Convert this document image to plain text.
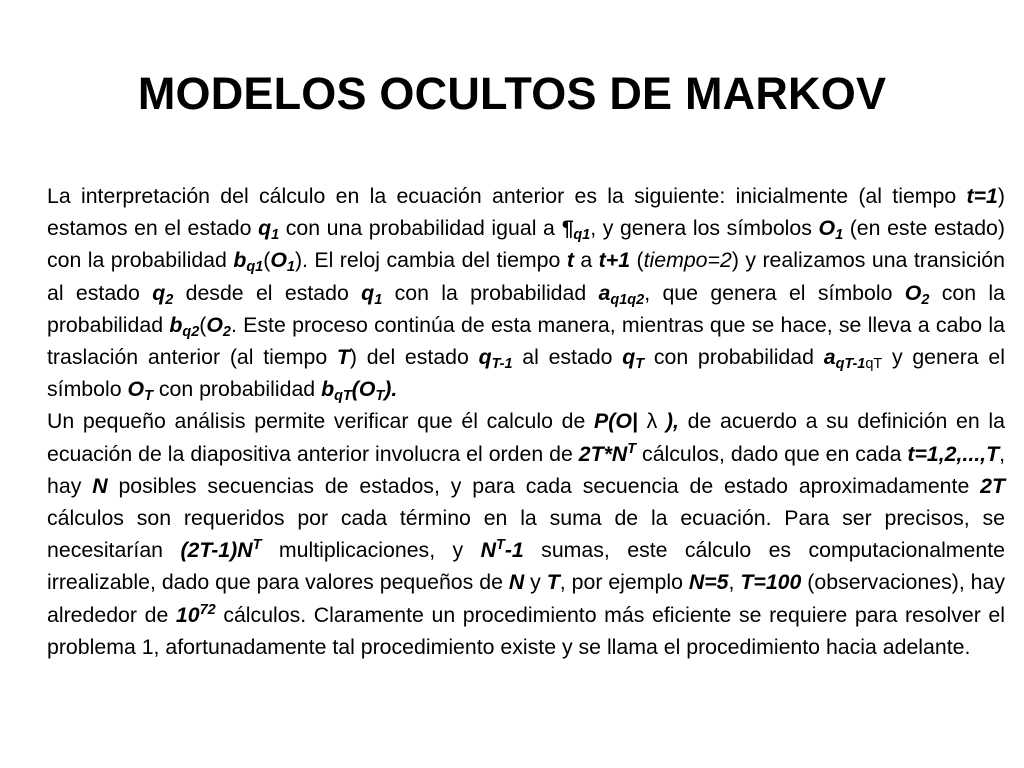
MODELOS OCULTOS DE MARKOV

La interpretación del cálculo en la ecuación anterior es la siguiente: inicialmente (al tiempo t=1) estamos en el estado $q_1$ con una probabilidad igual a $\P_{q1}$, y genera los símbolos $O_1$ (en este estado) con la probabilidad $b_{q1}(O_1)$. El reloj cambia del tiempo t a t+1 (tiempo=2) y realizamos una transición al estado $q_2$ desde el estado $q_1$ con la probabilidad $a_{q1q2}$, que genera el símbolo $O_2$ con la probabilidad $b_{q2}(O_2$. Este proceso continúa de esta manera, mientras que se hace, se lleva a cabo la traslación anterior (al tiempo T) del estado $q_{T-1}$ al estado $q_T$ con probabilidad $a_{qT-1qT}$ y genera el símbolo $O_T$ con probabilidad $b_{qT}(O_T)$.

Un pequeño análisis permite verificar que él calculo de P(O| λ ), de acuerdo a su definición en la ecuación de la diapositiva anterior involucra el orden de $2T*N^T$ cálculos, dado que en cada t=1,2,...,T, hay N posibles secuencias de estados, y para cada secuencia de estado aproximadamente 2T cálculos son requeridos por cada término en la suma de la ecuación. Para ser precisos, se necesitarían $(2T-1)N^T$ multiplicaciones, y $N^T-1$ sumas, este cálculo es computacionalmente irrealizable, dado que para valores pequeños de N y T, por ejemplo N=5, T=100 (observaciones), hay alrededor de $10^{72}$ cálculos. Claramente un procedimiento más eficiente se requiere para resolver el problema 1, afortunadamente tal procedimiento existe y se llama el procedimiento hacia adelante.
